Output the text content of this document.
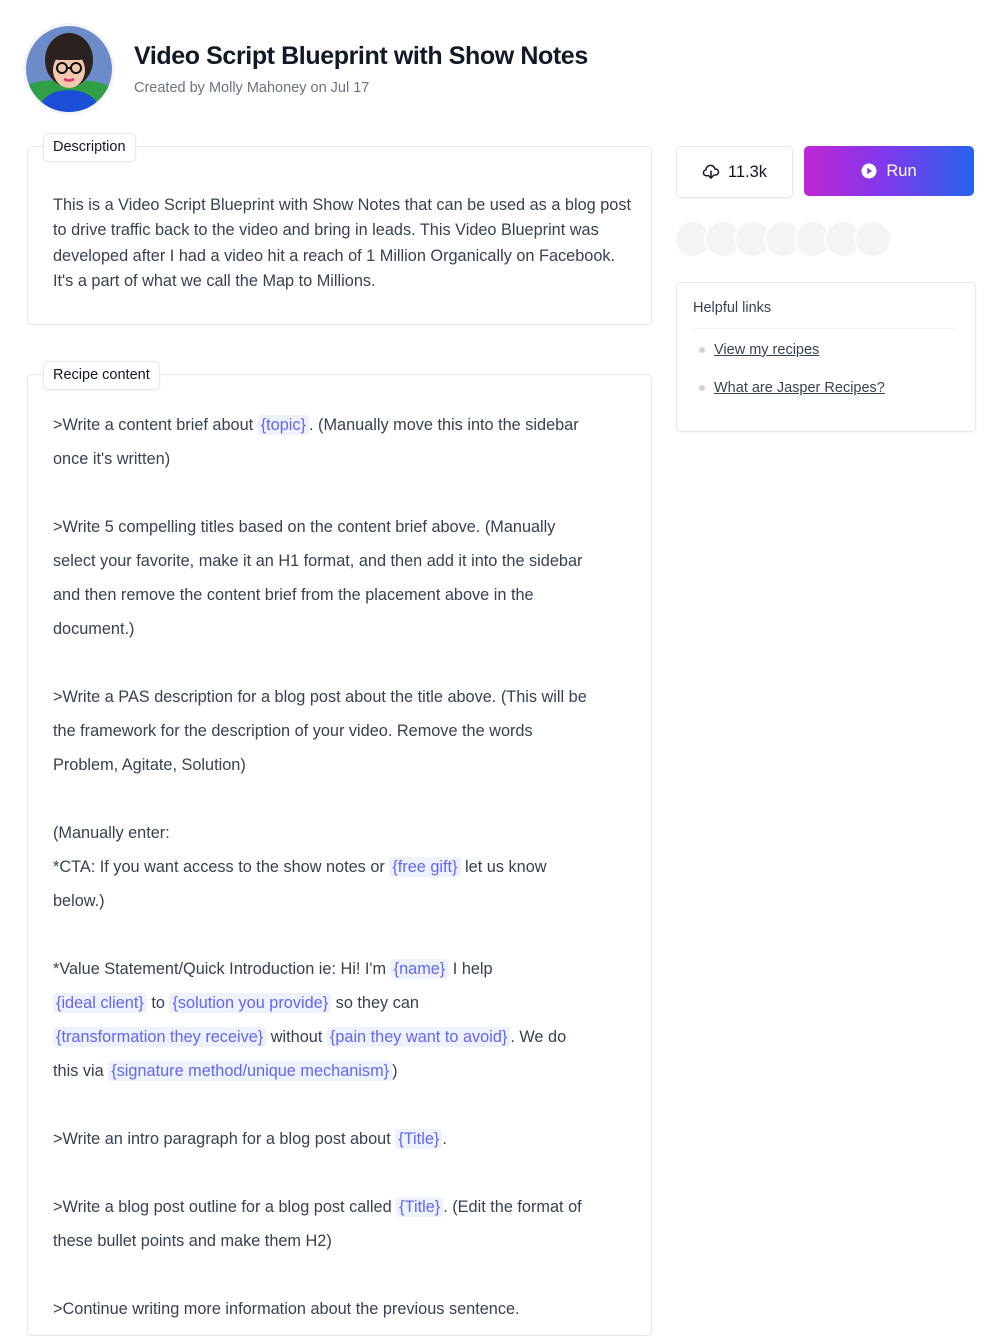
Video Script Blueprint with Show Notes
Created by Molly Mahoney on Jul 17
Description

This is a Video Script Blueprint with Show Notes that can be used as a blog post to drive traffic back to the video and bring in leads. This Video Blueprint was developed after I had a video hit a reach of 1 Million Organically on Facebook. It's a part of what we call the Map to Millions.

Recipe content

>Write a content brief about {topic} . (Manually move this into the sidebar

once it's written)

>Write 5 compelling titles based on the content brief above. (Manually

select your favorite, make it an H1 format, and then add it into the sidebar

and then remove the content brief from the placement above in the

document.)

>Write a PAS description for a blog post about the title above. (This will be

the framework for the description of your video. Remove the words

Problem, Agitate, Solution)

(Manually enter:

*CTA: If you want access to the show notes or {free gift} let us know

below.)

*Value Statement/Quick Introduction ie: Hi! I'm {name} I help

{ideal client} to {solution you provide} so they can

{transformation they receive} without {pain they want to avoid} . We do

this via {signature method/unique mechanism} )

>Write an intro paragraph for a blog post about {Title} .

>Write a blog post outline for a blog post called {Title} . (Edit the format of

these bullet points and make them H2)

>Continue writing more information about the previous sentence.

11.3k	Run
Helpful links
View my recipes
What are Jasper Recipes?
